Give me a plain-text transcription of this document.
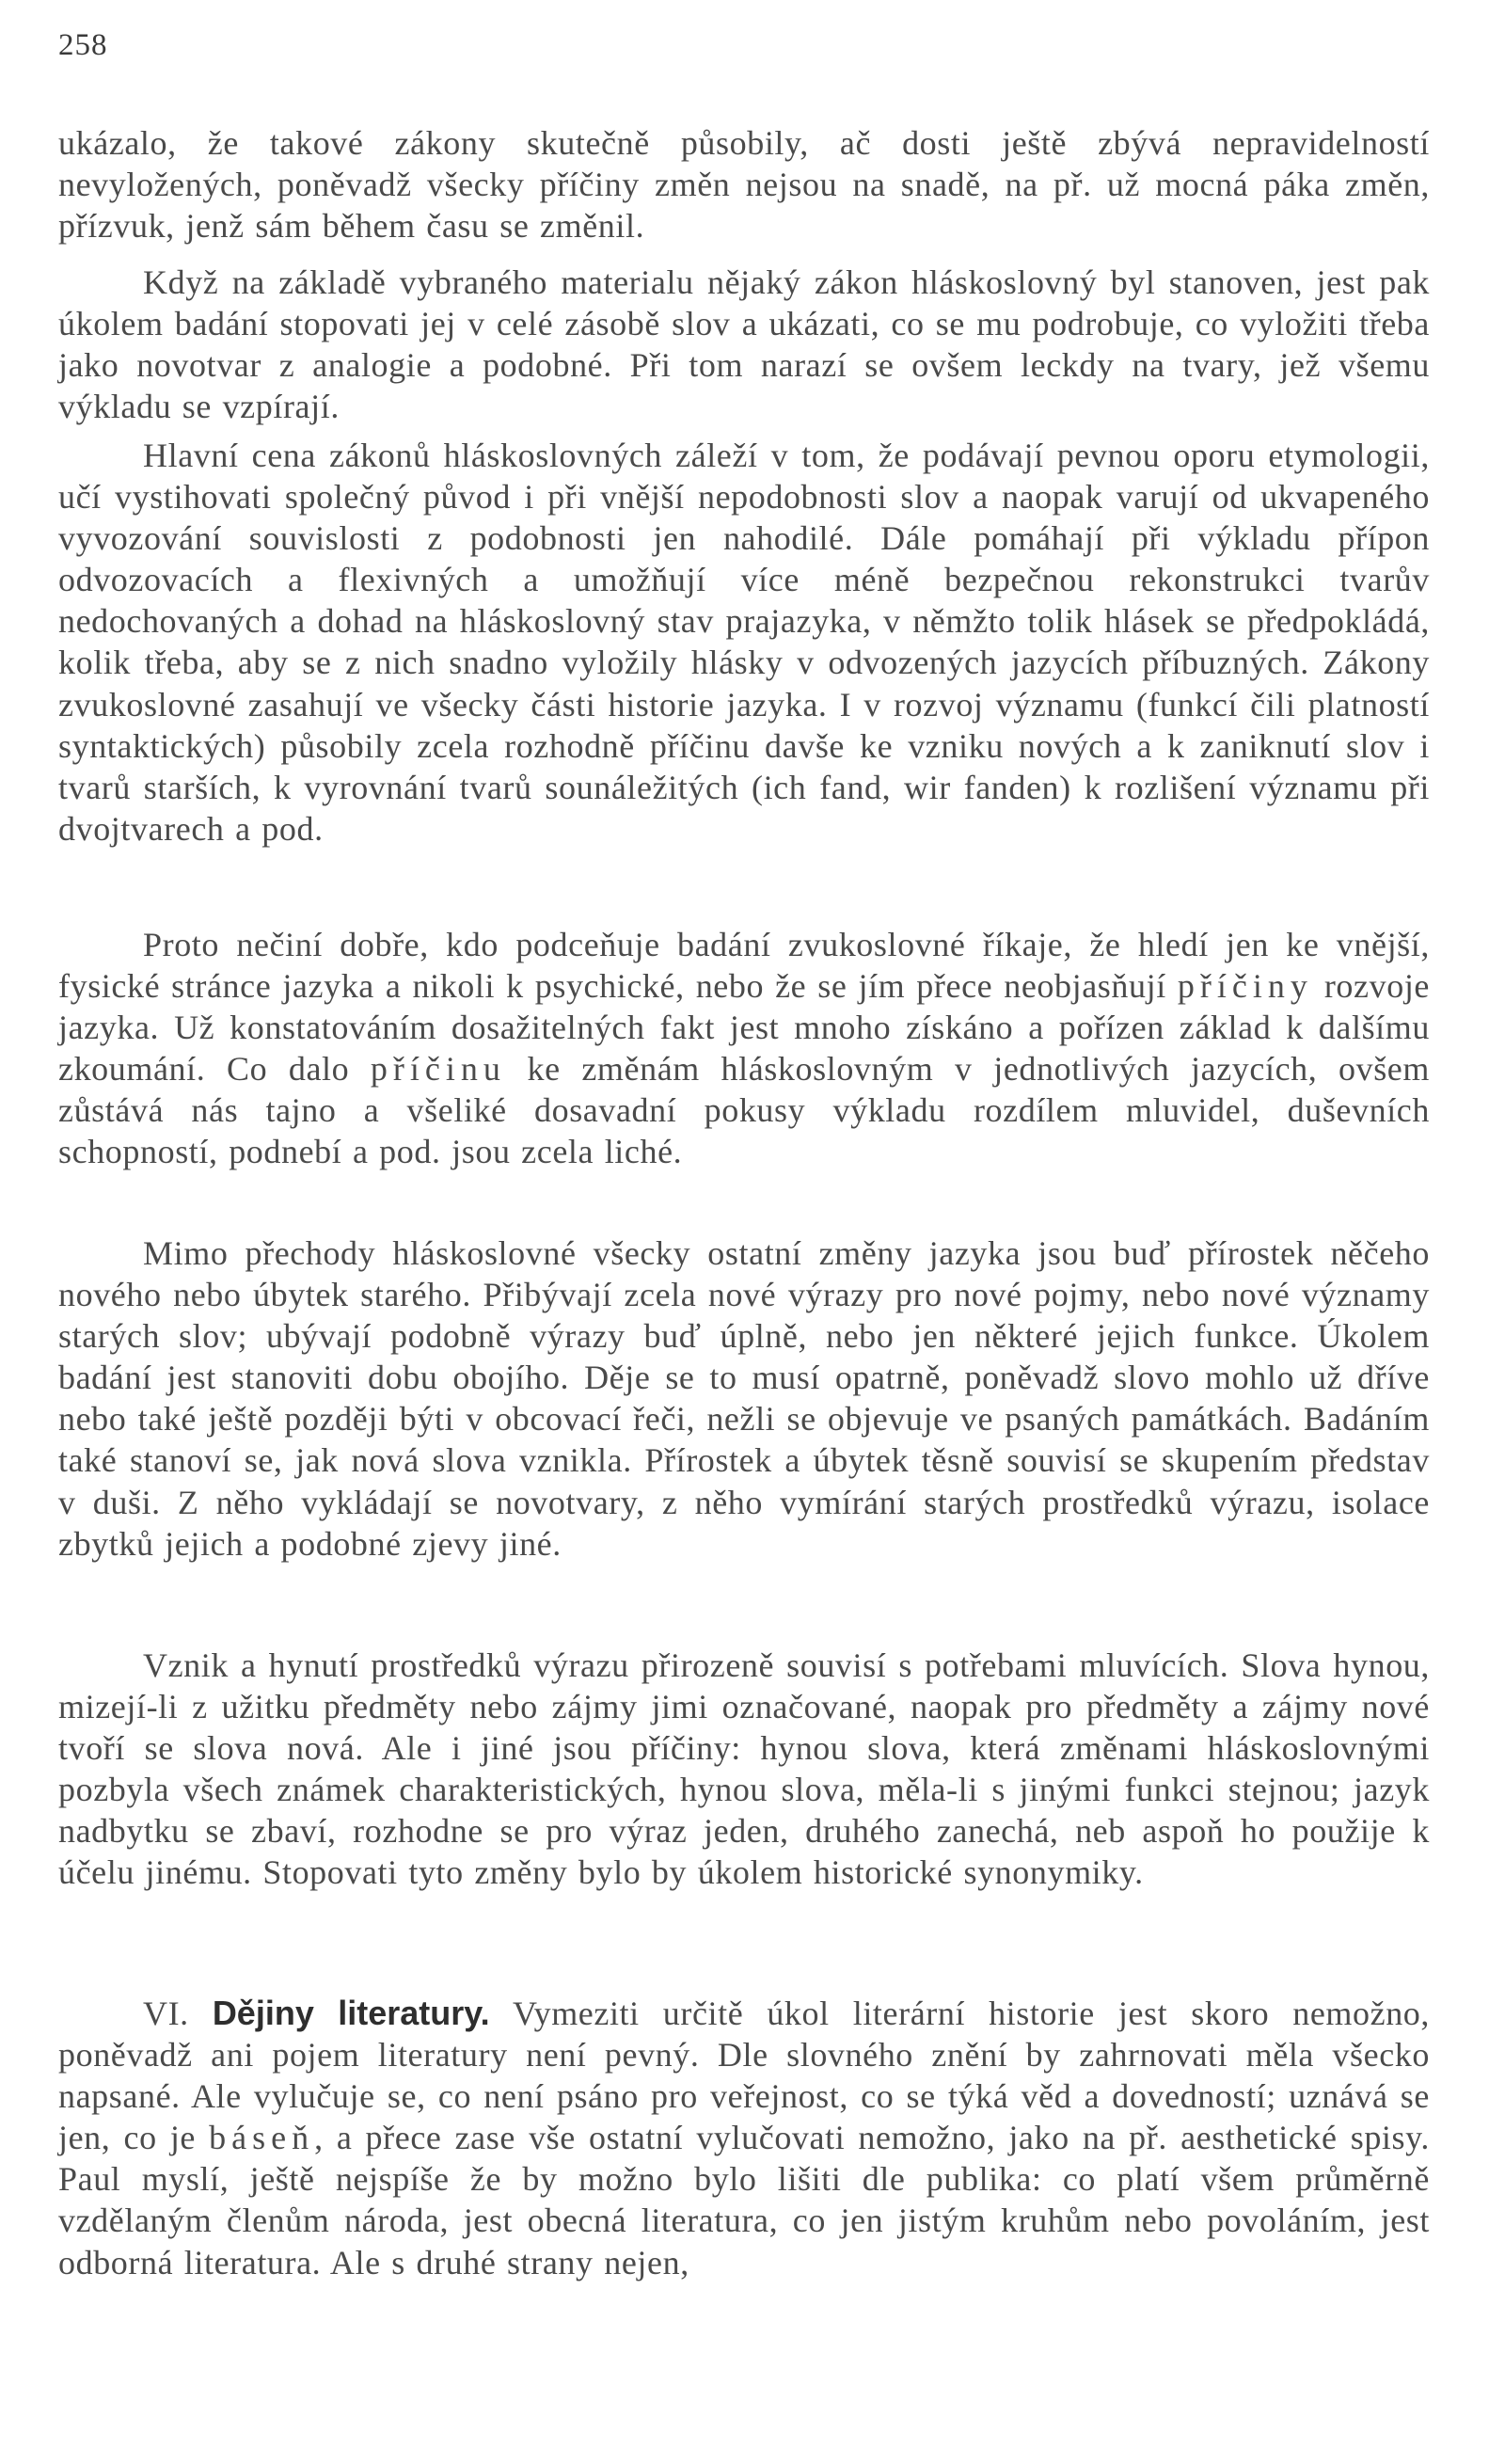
258

ukázalo, že takové zákony skutečně působily, ač dosti ještě zbývá nepravidelností nevyložených, poněvadž všecky příčiny změn nejsou na snadě, na př. už mocná páka změn, přízvuk, jenž sám během času se změnil.

Když na základě vybraného materialu nějaký zákon hláskoslovný byl stanoven, jest pak úkolem badání stopovati jej v celé zásobě slov a ukázati, co se mu podrobuje, co vyložiti třeba jako novotvar z analogie a podobné. Při tom narazí se ovšem leckdy na tvary, jež všemu výkladu se vzpírají.

Hlavní cena zákonů hláskoslovných záleží v tom, že podávají pevnou oporu etymologii, učí vystihovati společný původ i při vnější nepodobnosti slov a naopak varují od ukvapeného vyvozování souvislosti z podobnosti jen nahodilé. Dále pomáhají při výkladu přípon odvozovacích a flexivných a umožňují více méně bezpečnou rekonstrukci tvarův nedochovaných a dohad na hláskoslovný stav prajazyka, v němžto tolik hlásek se předpokládá, kolik třeba, aby se z nich snadno vyložily hlásky v odvozených jazycích příbuzných. Zákony zvukoslovné zasahují ve všecky části historie jazyka. I v rozvoj významu (funkcí čili platností syntaktických) působily zcela rozhodně příčinu davše ke vzniku nových a k zaniknutí slov i tvarů starších, k vyrovnání tvarů sounáležitých (ich fand, wir fanden) k rozlišení významu při dvojtvarech a pod.

Proto nečiní dobře, kdo podceňuje badání zvukoslovné říkaje, že hledí jen ke vnější, fysické stránce jazyka a nikoli k psychické, nebo že se jím přece neobjasňují příčiny rozvoje jazyka. Už konstatováním dosažitelných fakt jest mnoho získáno a pořízen základ k dalšímu zkoumání. Co dalo příčinu ke změnám hláskoslovným v jednotlivých jazycích, ovšem zůstává nás tajno a všeliké dosavadní pokusy výkladu rozdílem mluvidel, duševních schopností, podnebí a pod. jsou zcela liché.

Mimo přechody hláskoslovné všecky ostatní změny jazyka jsou buď přírostek něčeho nového nebo úbytek starého. Přibývají zcela nové výrazy pro nové pojmy, nebo nové významy starých slov; ubývají podobně výrazy buď úplně, nebo jen některé jejich funkce. Úkolem badání jest stanoviti dobu obojího. Děje se to musí opatrně, poněvadž slovo mohlo už dříve nebo také ještě později býti v obcovací řeči, nežli se objevuje ve psaných památkách. Badáním také stanoví se, jak nová slova vznikla. Přírostek a úbytek těsně souvisí se skupením představ v duši. Z něho vykládají se novotvary, z něho vymírání starých prostředků výrazu, isolace zbytků jejich a podobné zjevy jiné.

Vznik a hynutí prostředků výrazu přirozeně souvisí s potřebami mluvících. Slova hynou, mizejí-li z užitku předměty nebo zájmy jimi označované, naopak pro předměty a zájmy nové tvoří se slova nová. Ale i jiné jsou příčiny: hynou slova, která změnami hláskoslovnými pozbyla všech známek charakteristických, hynou slova, měla-li s jinými funkci stejnou; jazyk nadbytku se zbaví, rozhodne se pro výraz jeden, druhého zanechá, neb aspoň ho použije k účelu jinému. Stopovati tyto změny bylo by úkolem historické synonymiky.

VI. Dějiny literatury. Vymeziti určitě úkol literární historie jest skoro nemožno, poněvadž ani pojem literatury není pevný. Dle slovného znění by zahrnovati měla všecko napsané. Ale vylučuje se, co není psáno pro veřejnost, co se týká věd a dovedností; uznává se jen, co je báseň, a přece zase vše ostatní vylučovati nemožno, jako na př. aesthetické spisy. Paul myslí, ještě nejspíše že by možno bylo lišiti dle publika: co platí všem průměrně vzdělaným členům národa, jest obecná literatura, co jen jistým kruhům nebo povoláním, jest odborná literatura. Ale s druhé strany nejen,
